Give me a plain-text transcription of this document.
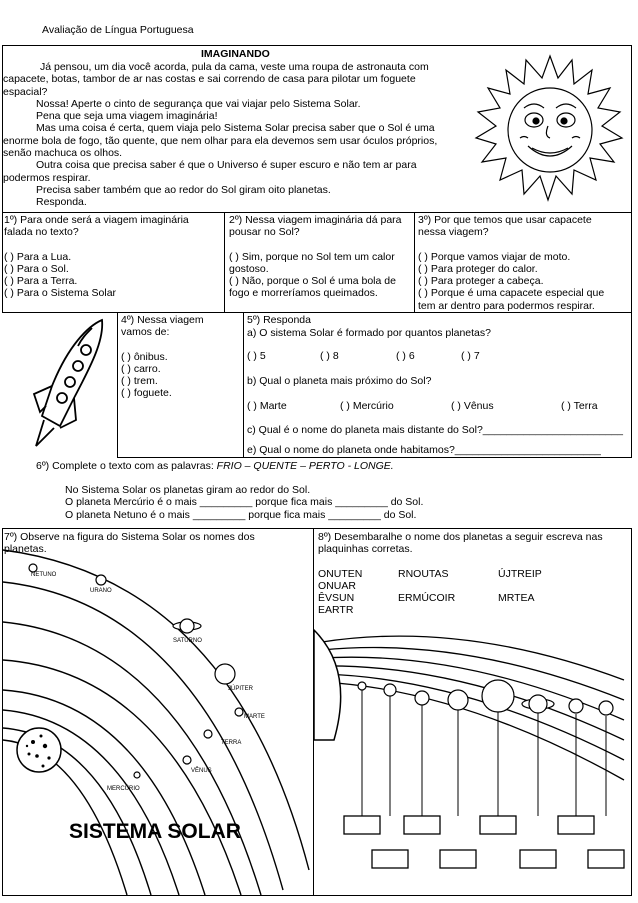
Avaliação de Língua Portuguesa
IMAGINANDO
Já pensou, um dia você acorda, pula da cama, veste uma roupa de astronauta com
capacete, botas, tambor de ar nas costas e sai correndo de casa para pilotar um foguete
espacial?
Nossa! Aperte o cinto de segurança que vai viajar pelo Sistema Solar.
Pena que seja uma viagem imaginária!
Mas uma coisa é certa, quem viaja pelo Sistema Solar precisa saber que o Sol é uma
enorme bola de fogo, tão quente, que nem olhar para ela devemos sem usar óculos próprios,
senão machuca os olhos.
Outra coisa que precisa saber é que o Universo é super escuro e não tem ar para
podermos respirar.
Precisa saber também que ao redor do Sol giram oito planetas.
Responda.
1º) Para onde será a viagem imaginária
falada no texto?
( ) Para a Lua.
( ) Para o Sol.
( ) Para a Terra.
( ) Para o Sistema Solar
2º) Nessa viagem imaginária dá para
pousar no Sol?
( ) Sim, porque no Sol tem um calor
gostoso.
( ) Não, porque o Sol é uma bola de
fogo e morreríamos queimados.
3º) Por que temos que usar capacete
nessa viagem?
( ) Porque vamos viajar de moto.
( ) Para proteger do calor.
( ) Para proteger a cabeça.
( ) Porque é uma capacete especial que
tem ar dentro para podermos respirar.
4º) Nessa viagem
vamos de:
( ) ônibus.
( ) carro.
( ) trem.
( ) foguete.
5º) Responda
a) O sistema Solar é formado por quantos planetas?
( ) 5	( ) 8	( ) 6	( ) 7
b) Qual o planeta mais próximo do Sol?
( ) Marte	( ) Mercúrio	( ) Vênus	( ) Terra
c) Qual é o nome do planeta mais distante do Sol?________________________
e) Qual o nome do planeta onde habitamos?_________________________
6º) Complete o texto com as palavras: FRIO – QUENTE – PERTO - LONGE.
No Sistema Solar os planetas giram ao redor do Sol.
O planeta Mercúrio é o mais _________ porque fica mais _________ do Sol.
O planeta Netuno é o mais _________ porque fica mais _________ do Sol.
7º) Observe na figura do Sistema Solar os nomes dos
planetas.
NETUNO
URANO
SATURNO
JÚPITER
MARTE
TERRA
VÊNUS
MERCÚRIO
SISTEMA SOLAR
8º) Desembaralhe o nome dos planetas a seguir escreva nas
plaquinhas corretas.
ONUTEN	RNOUTAS	ÚJTREIP
ONUAR
ÊVSUN	ERMÚCOIR	MRTEA
EARTR
